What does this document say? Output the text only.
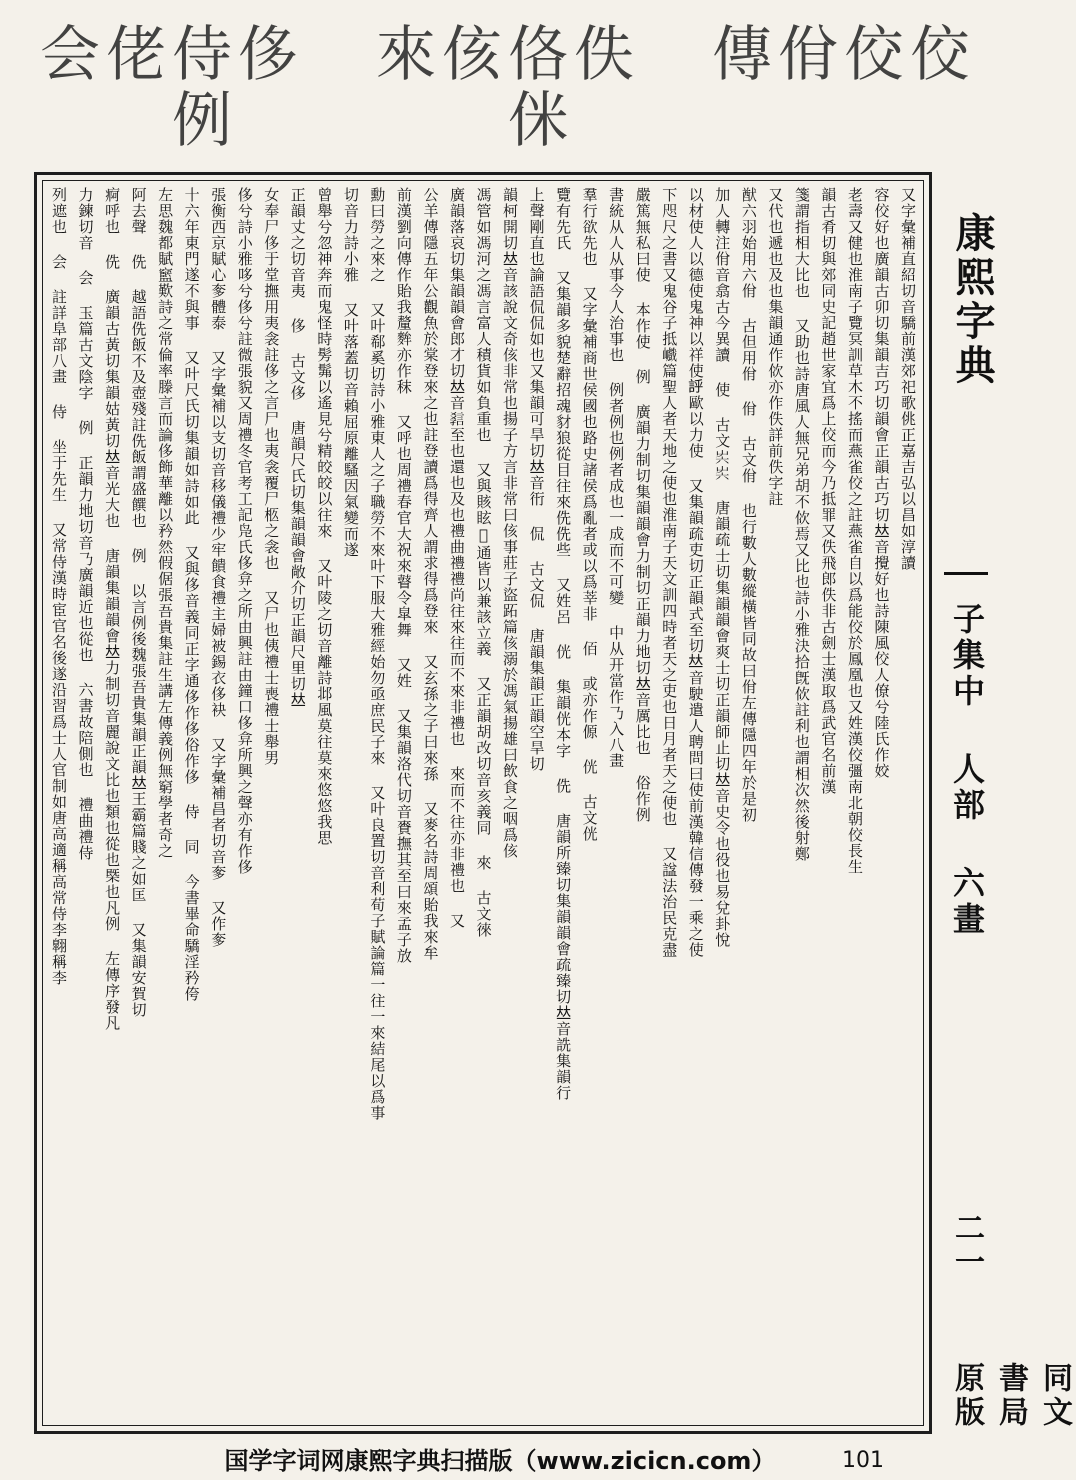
佼
佼
佾
傳
佚
佫
侎
侅
來
侈
侍
例
佬
会
又字彙補直紹切音驕前漢郊祀歌佻正嘉吉弘以昌如淳讀
容佼好也廣韻古卯切集韻吉巧切韻會正韻古巧切𠀤音攪好也詩陳風佼人僚兮陸氏作姣
老壽又健也淮南子覽冥訓草木不搖而燕雀佼之註燕雀自以爲能佼於鳳凰也又姓漢佼彊南北朝佼長生
韻古肴切與郊同史記趙世家宜爲上佼而今乃抵罪又佚飛郎佚非古劍士漢取爲武官名前漢
箋謂指相大比也 又助也詩唐風人無兄弟胡不佽焉又比也詩小雅決拾旣佽註利也謂相次然後射鄭
又代也遞也及也集韻通作佽亦作佚詳前佚字註
猷六羽始用六佾 古但用佾 佾 古文佾 也行數人數縱橫皆同故曰佾左傳隱四年於是初
加人轉注佾音翕古今異讀 使 古文𡴆𡴆 唐韻疏士切集韻韻會爽士切正韻師止切𠀤音史令也役也易兌卦悅
以材使人以德使鬼神以祥使𧦝歐以力使 又集韻疏吏切正韻式至切𠀤音駛遣人聘問曰使前漢韓信傳發一乘之使
下咫尺之書又鬼谷子抵巇篇聖人者天地之使也淮南子天文訓四時者天之吏也日月者天之使也 又諡法治民克盡
嚴篤無私曰使 本作使 例 廣韻力制切集韻韻會力制切正韻力地切𠀤音厲比也 俗作例
書統从人从事今人治事也 例者例也例者成也一成而不可變 中从开當作𠄎入八畫
羣行欲先也 又字彙補商世侯國也路史諸侯爲亂者或以爲莘非 佰 或亦作傆 侊 古文侊
覽有先氏 又集韻多貌楚辭招魂豺狼從目往來侁侁些 又姓呂 侊 集韻侊本字 侁 唐韻所臻切集韻韻會疏臻切𠀤音詵集韻行
上聲剛直也論語侃侃如也又集韻可旱切𠀤音衎 侃 古文侃 唐韻集韻正韻空旱切
韻柯開切𠀤音該說文奇侅非常也揚子方言非常曰侅事莊子盜跖篇侅溺於馮氣揚雄曰飲食之咽爲侅
馮管如馮河之馮言富人積貨如負重也 又與賅眩𣊐通皆以兼該立義 又正韻胡改切音亥義同 來 古文徠
廣韻落哀切集韻韻會郎才切𠀤音𧧿至也還也及也禮曲禮禮尚往來往而不來非禮也 來而不往亦非禮也 又
公羊傳隱五年公觀魚於棠登來之也註登讀爲得齊人謂求得爲登來 又玄孫之子曰來孫 又麥名詩周頌貽我來牟
前漢劉向傳作貽我釐麰亦作秣 又呼也周禮春官大祝來瞽令皐舞 又姓 又集韻洛代切音賚撫其至曰來孟子放
勳曰勞之來之 又叶郗奚切詩小雅東人之子職勞不來叶下服大雅經始勿亟庶民子來 又叶良置切音利荀子賦論篇一往一來結尾以爲事
切音力詩小雅 又叶落蓋切音賴屈原離騷因氣變而遂
曾舉兮忽神奔而鬼怪時髣髴以遙見兮精皎皎以往來 又叶陵之切音離詩邶風莫往莫來悠悠我思
正韻丈之切音夷 侈 古文侈 唐韻尺氏切集韻韻會敞介切正韻尺里切𠀤
女奉尸侈于堂撫用夷衾註侈之言尸也夷衾覆尸柩之衾也 又尸也侇禮士喪禮士舉男
侈兮詩小雅哆兮侈兮註微張貌又周禮冬官考工記凫氏侈弇之所由興註由鐘口侈弇所興之聲亦有作侈
張衡西京賦心奓體泰 又字彙補以支切音移儀禮少牢饋食禮主婦被錫衣侈袂 又字彙補昌者切音奓 又作奓
十六年東門遂不與事 又叶尺氏切集韻如詩如此 又與侈音義同正字通侈作侈俗作侈 侍 同 今書畢命驕淫矜侉
左思魏都賦䆾歎詩之常倫率滕言而論侈飾華離以矜然假倨張吾貴集註生講左傳義例無窮學者奇之
阿去聲 侁 越語侁飯不及壺殘註侁飯謂盛饌也 例 以言例後魏張吾貴集韻正韻𠀤王霸篇賤之如匡 又集韻安賀切
痾呼也 侁 廣韻古黃切集韻姑黃切𠀤音光大也 唐韻集韻韻會𠀤力制切音麗說文比也類也從也槩也凡例 左傳序發凡
力鍊切音 会 玉篇古文陰字 例 正韻力地切音𠄎廣韻近也從也 六書故陪側也 禮曲禮侍
列遮也 会 註詳阜部八畫 侍 坐于先生 又常侍漢時宦官名後遂沿習爲士人官制如唐高適稱高常侍李翺稱李	康熙字典
子集中 人部 六畫
二一
同文書局原版
国学字词网康熙字典扫描版（www.zicicn.com）	101
